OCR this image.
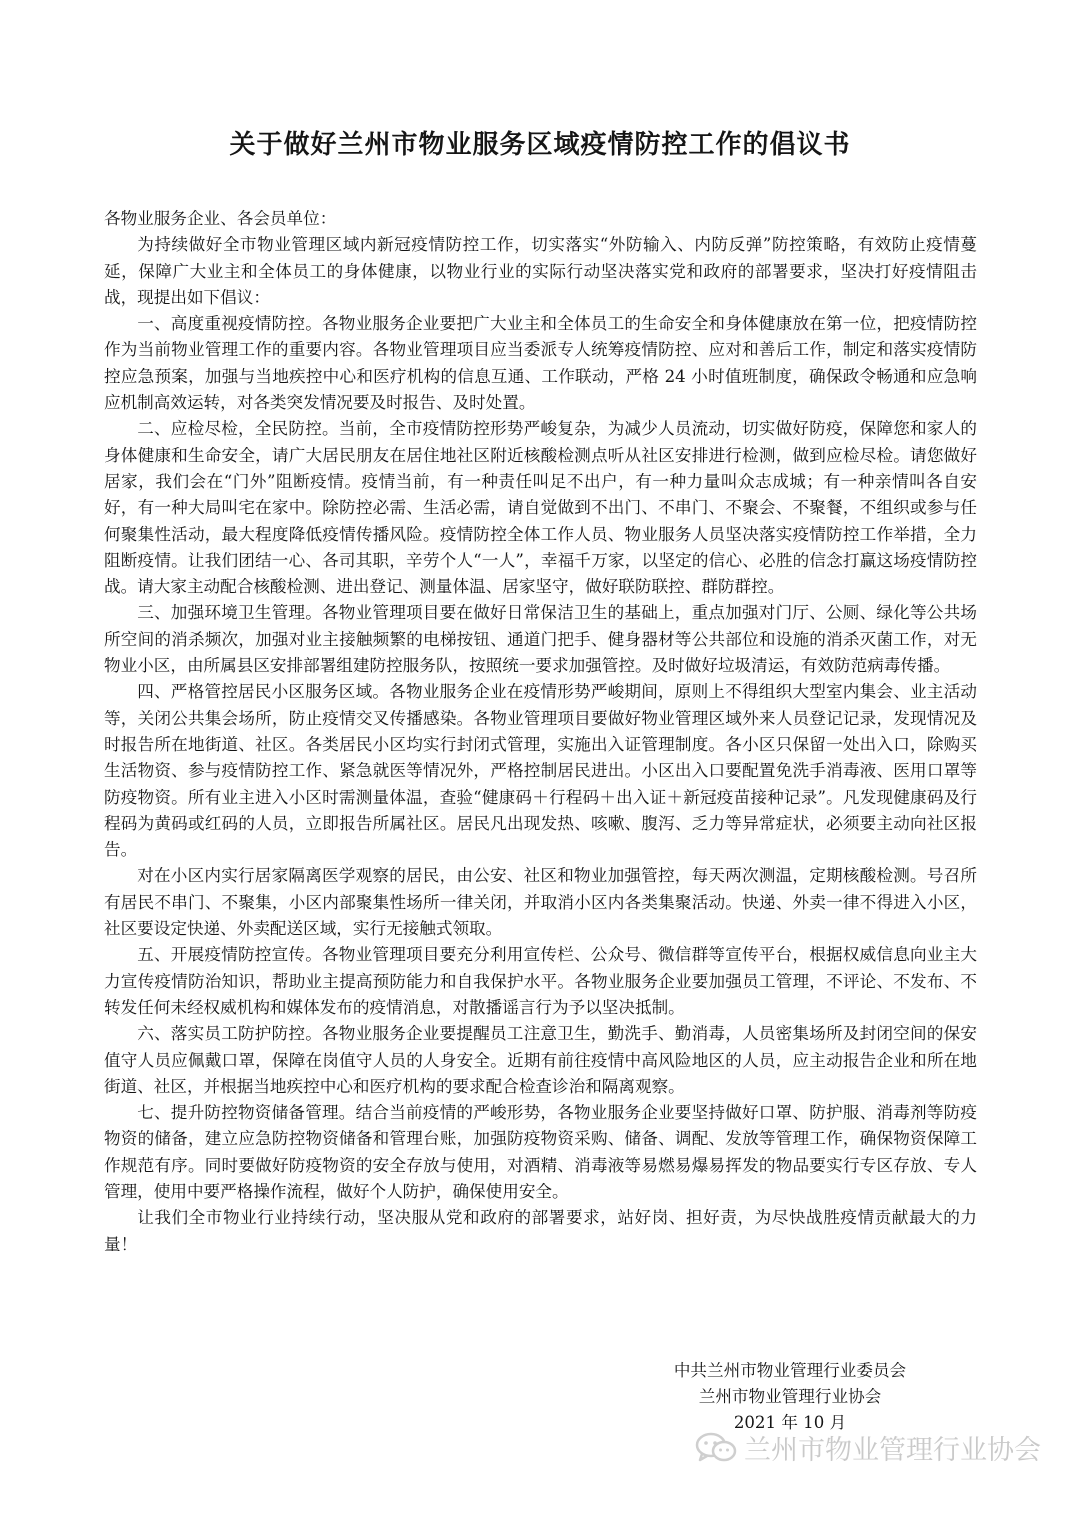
关于做好兰州市物业服务区域疫情防控工作的倡议书

各物业服务企业、各会员单位：

为持续做好全市物业管理区域内新冠疫情防控工作，切实落实“外防输入、内防反弹”防控策略，有效防止疫情蔓延，保障广大业主和全体员工的身体健康，以物业行业的实际行动坚决落实党和政府的部署要求，坚决打好疫情阻击战，现提出如下倡议：

一、高度重视疫情防控。各物业服务企业要把广大业主和全体员工的生命安全和身体健康放在第一位，把疫情防控作为当前物业管理工作的重要内容。各物业管理项目应当委派专人统筹疫情防控、应对和善后工作，制定和落实疫情防控应急预案，加强与当地疾控中心和医疗机构的信息互通、工作联动，严格 24 小时值班制度，确保政令畅通和应急响应机制高效运转，对各类突发情况要及时报告、及时处置。

二、应检尽检，全民防控。当前，全市疫情防控形势严峻复杂，为减少人员流动，切实做好防疫，保障您和家人的身体健康和生命安全，请广大居民朋友在居住地社区附近核酸检测点听从社区安排进行检测，做到应检尽检。请您做好居家，我们会在“门外”阻断疫情。疫情当前，有一种责任叫足不出户，有一种力量叫众志成城；有一种亲情叫各自安好，有一种大局叫宅在家中。除防控必需、生活必需，请自觉做到不出门、不串门、不聚会、不聚餐，不组织或参与任何聚集性活动，最大程度降低疫情传播风险。疫情防控全体工作人员、物业服务人员坚决落实疫情防控工作举措，全力阻断疫情。让我们团结一心、各司其职，辛劳个人“一人”，幸福千万家，以坚定的信心、必胜的信念打赢这场疫情防控战。请大家主动配合核酸检测、进出登记、测量体温、居家坚守，做好联防联控、群防群控。

三、加强环境卫生管理。各物业管理项目要在做好日常保洁卫生的基础上，重点加强对门厅、公厕、绿化等公共场所空间的消杀频次，加强对业主接触频繁的电梯按钮、通道门把手、健身器材等公共部位和设施的消杀灭菌工作，对无物业小区，由所属县区安排部署组建防控服务队，按照统一要求加强管控。及时做好垃圾清运，有效防范病毒传播。

四、严格管控居民小区服务区域。各物业服务企业在疫情形势严峻期间，原则上不得组织大型室内集会、业主活动等，关闭公共集会场所，防止疫情交叉传播感染。各物业管理项目要做好物业管理区域外来人员登记记录，发现情况及时报告所在地街道、社区。各类居民小区均实行封闭式管理，实施出入证管理制度。各小区只保留一处出入口，除购买生活物资、参与疫情防控工作、紧急就医等情况外，严格控制居民进出。小区出入口要配置免洗手消毒液、医用口罩等防疫物资。所有业主进入小区时需测量体温，查验“健康码＋行程码＋出入证＋新冠疫苗接种记录”。凡发现健康码及行程码为黄码或红码的人员，立即报告所属社区。居民凡出现发热、咳嗽、腹泻、乏力等异常症状，必须要主动向社区报告。

对在小区内实行居家隔离医学观察的居民，由公安、社区和物业加强管控，每天两次测温，定期核酸检测。号召所有居民不串门、不聚集，小区内部聚集性场所一律关闭，并取消小区内各类集聚活动。快递、外卖一律不得进入小区，社区要设定快递、外卖配送区域，实行无接触式领取。

五、开展疫情防控宣传。各物业管理项目要充分利用宣传栏、公众号、微信群等宣传平台，根据权威信息向业主大力宣传疫情防治知识，帮助业主提高预防能力和自我保护水平。各物业服务企业要加强员工管理，不评论、不发布、不转发任何未经权威机构和媒体发布的疫情消息，对散播谣言行为予以坚决抵制。

六、落实员工防护防控。各物业服务企业要提醒员工注意卫生，勤洗手、勤消毒，人员密集场所及封闭空间的保安值守人员应佩戴口罩，保障在岗值守人员的人身安全。近期有前往疫情中高风险地区的人员，应主动报告企业和所在地街道、社区，并根据当地疾控中心和医疗机构的要求配合检查诊治和隔离观察。

七、提升防控物资储备管理。结合当前疫情的严峻形势，各物业服务企业要坚持做好口罩、防护服、消毒剂等防疫物资的储备，建立应急防控物资储备和管理台账，加强防疫物资采购、储备、调配、发放等管理工作，确保物资保障工作规范有序。同时要做好防疫物资的安全存放与使用，对酒精、消毒液等易燃易爆易挥发的物品要实行专区存放、专人管理，使用中要严格操作流程，做好个人防护，确保使用安全。

让我们全市物业行业持续行动，坚决服从党和政府的部署要求，站好岗、担好责，为尽快战胜疫情贡献最大的力量！

中共兰州市物业管理行业委员会
兰州市物业管理行业协会
2021 年 10 月
兰州市物业管理行业协会
